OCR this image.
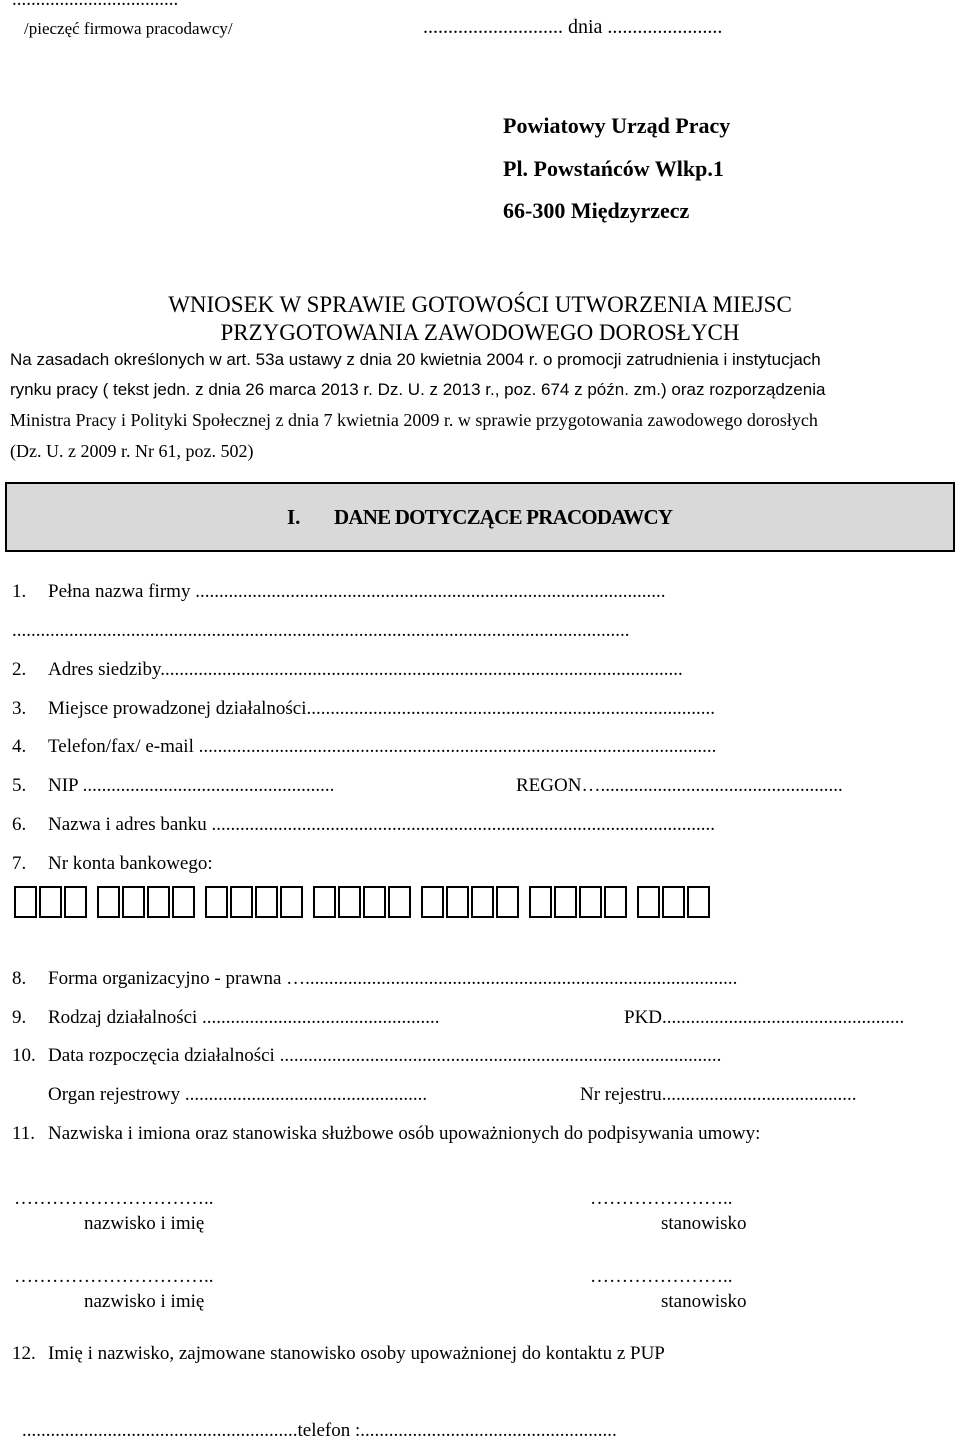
/pieczęć firmowa pracodawcy/	............................ dnia .......................
Powiatowy Urząd Pracy
Pl. Powstańców Wlkp.1
66-300 Międzyrzecz
WNIOSEK W SPRAWIE GOTOWOŚCI UTWORZENIA MIEJSC
PRZYGOTOWANIA ZAWODOWEGO DOROSŁYCH
Na zasadach określonych w art. 53a ustawy z dnia 20 kwietnia 2004 r. o promocji zatrudnienia i instytucjach
rynku pracy ( tekst jedn. z dnia 26 marca 2013 r. Dz. U. z 2013 r., poz. 674 z późn. zm.) oraz rozporządzenia
Ministra Pracy i Polityki Społecznej z dnia 7 kwietnia 2009 r. w sprawie przygotowania zawodowego dorosłych
(Dz. U. z 2009 r. Nr 61, poz. 502)
I. DANE DOTYCZĄCE PRACODAWCY
1. Pełna nazwa firmy ...................................................................................................
..................................................................................................................................
2. Adres siedziby..............................................................................................................
3. Miejsce prowadzonej działalności......................................................................................
4. Telefon/fax/ e-mail .............................................................................................................
5. NIP .....................................................	REGON…...................................................
6. Nazwa i adres banku ..........................................................................................................
7. Nr konta bankowego:
8. Forma organizacyjno - prawna …...........................................................................................
9. Rodzaj działalności ..................................................	PKD...................................................
10. Data rozpoczęcia działalności .............................................................................................
Organ rejestrowy ...................................................	Nr rejestru.........................................
11. Nazwiska i imiona oraz stanowiska służbowe osób upoważnionych do podpisywania umowy:
…………………………..	…………………..
nazwisko i imię	stanowisko
…………………………..	…………………..
nazwisko i imię	stanowisko
12. Imię i nazwisko, zajmowane stanowisko osoby upoważnionej do kontaktu z PUP
..........................................................telefon :......................................................
